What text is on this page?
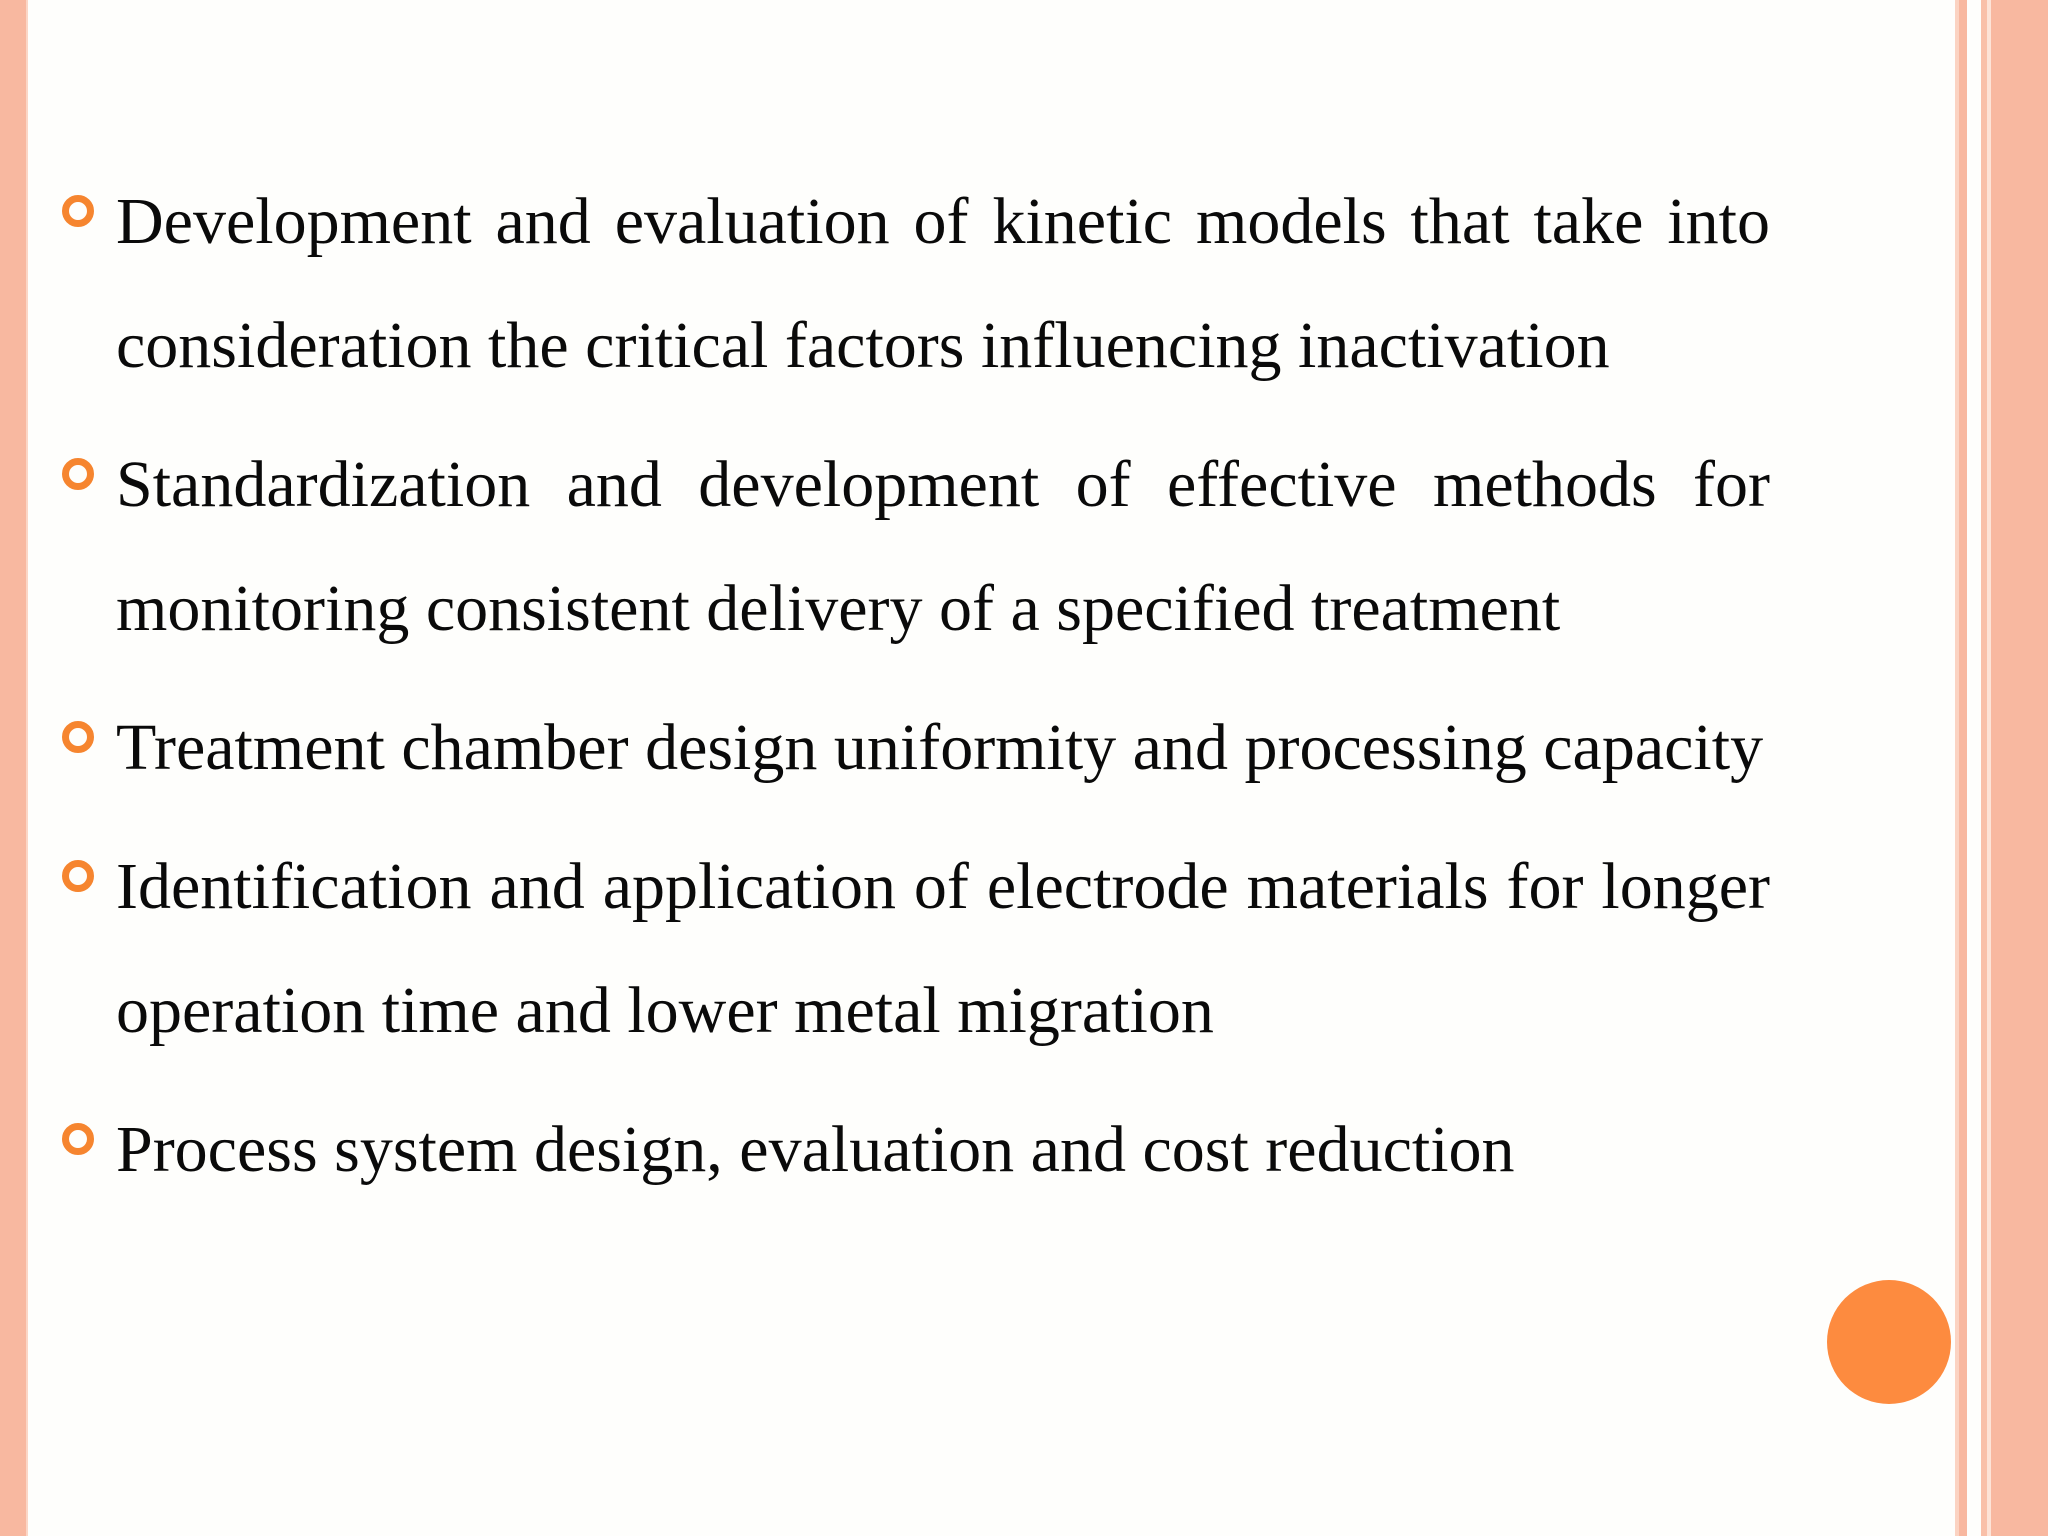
Development and evaluation of kinetic models that take into consideration the critical factors influencing inactivation
Standardization and development of effective methods for monitoring consistent delivery of a specified treatment
Treatment chamber design uniformity and processing capacity
Identification and application of electrode materials for longer operation time and lower metal migration
Process system design, evaluation and cost reduction
